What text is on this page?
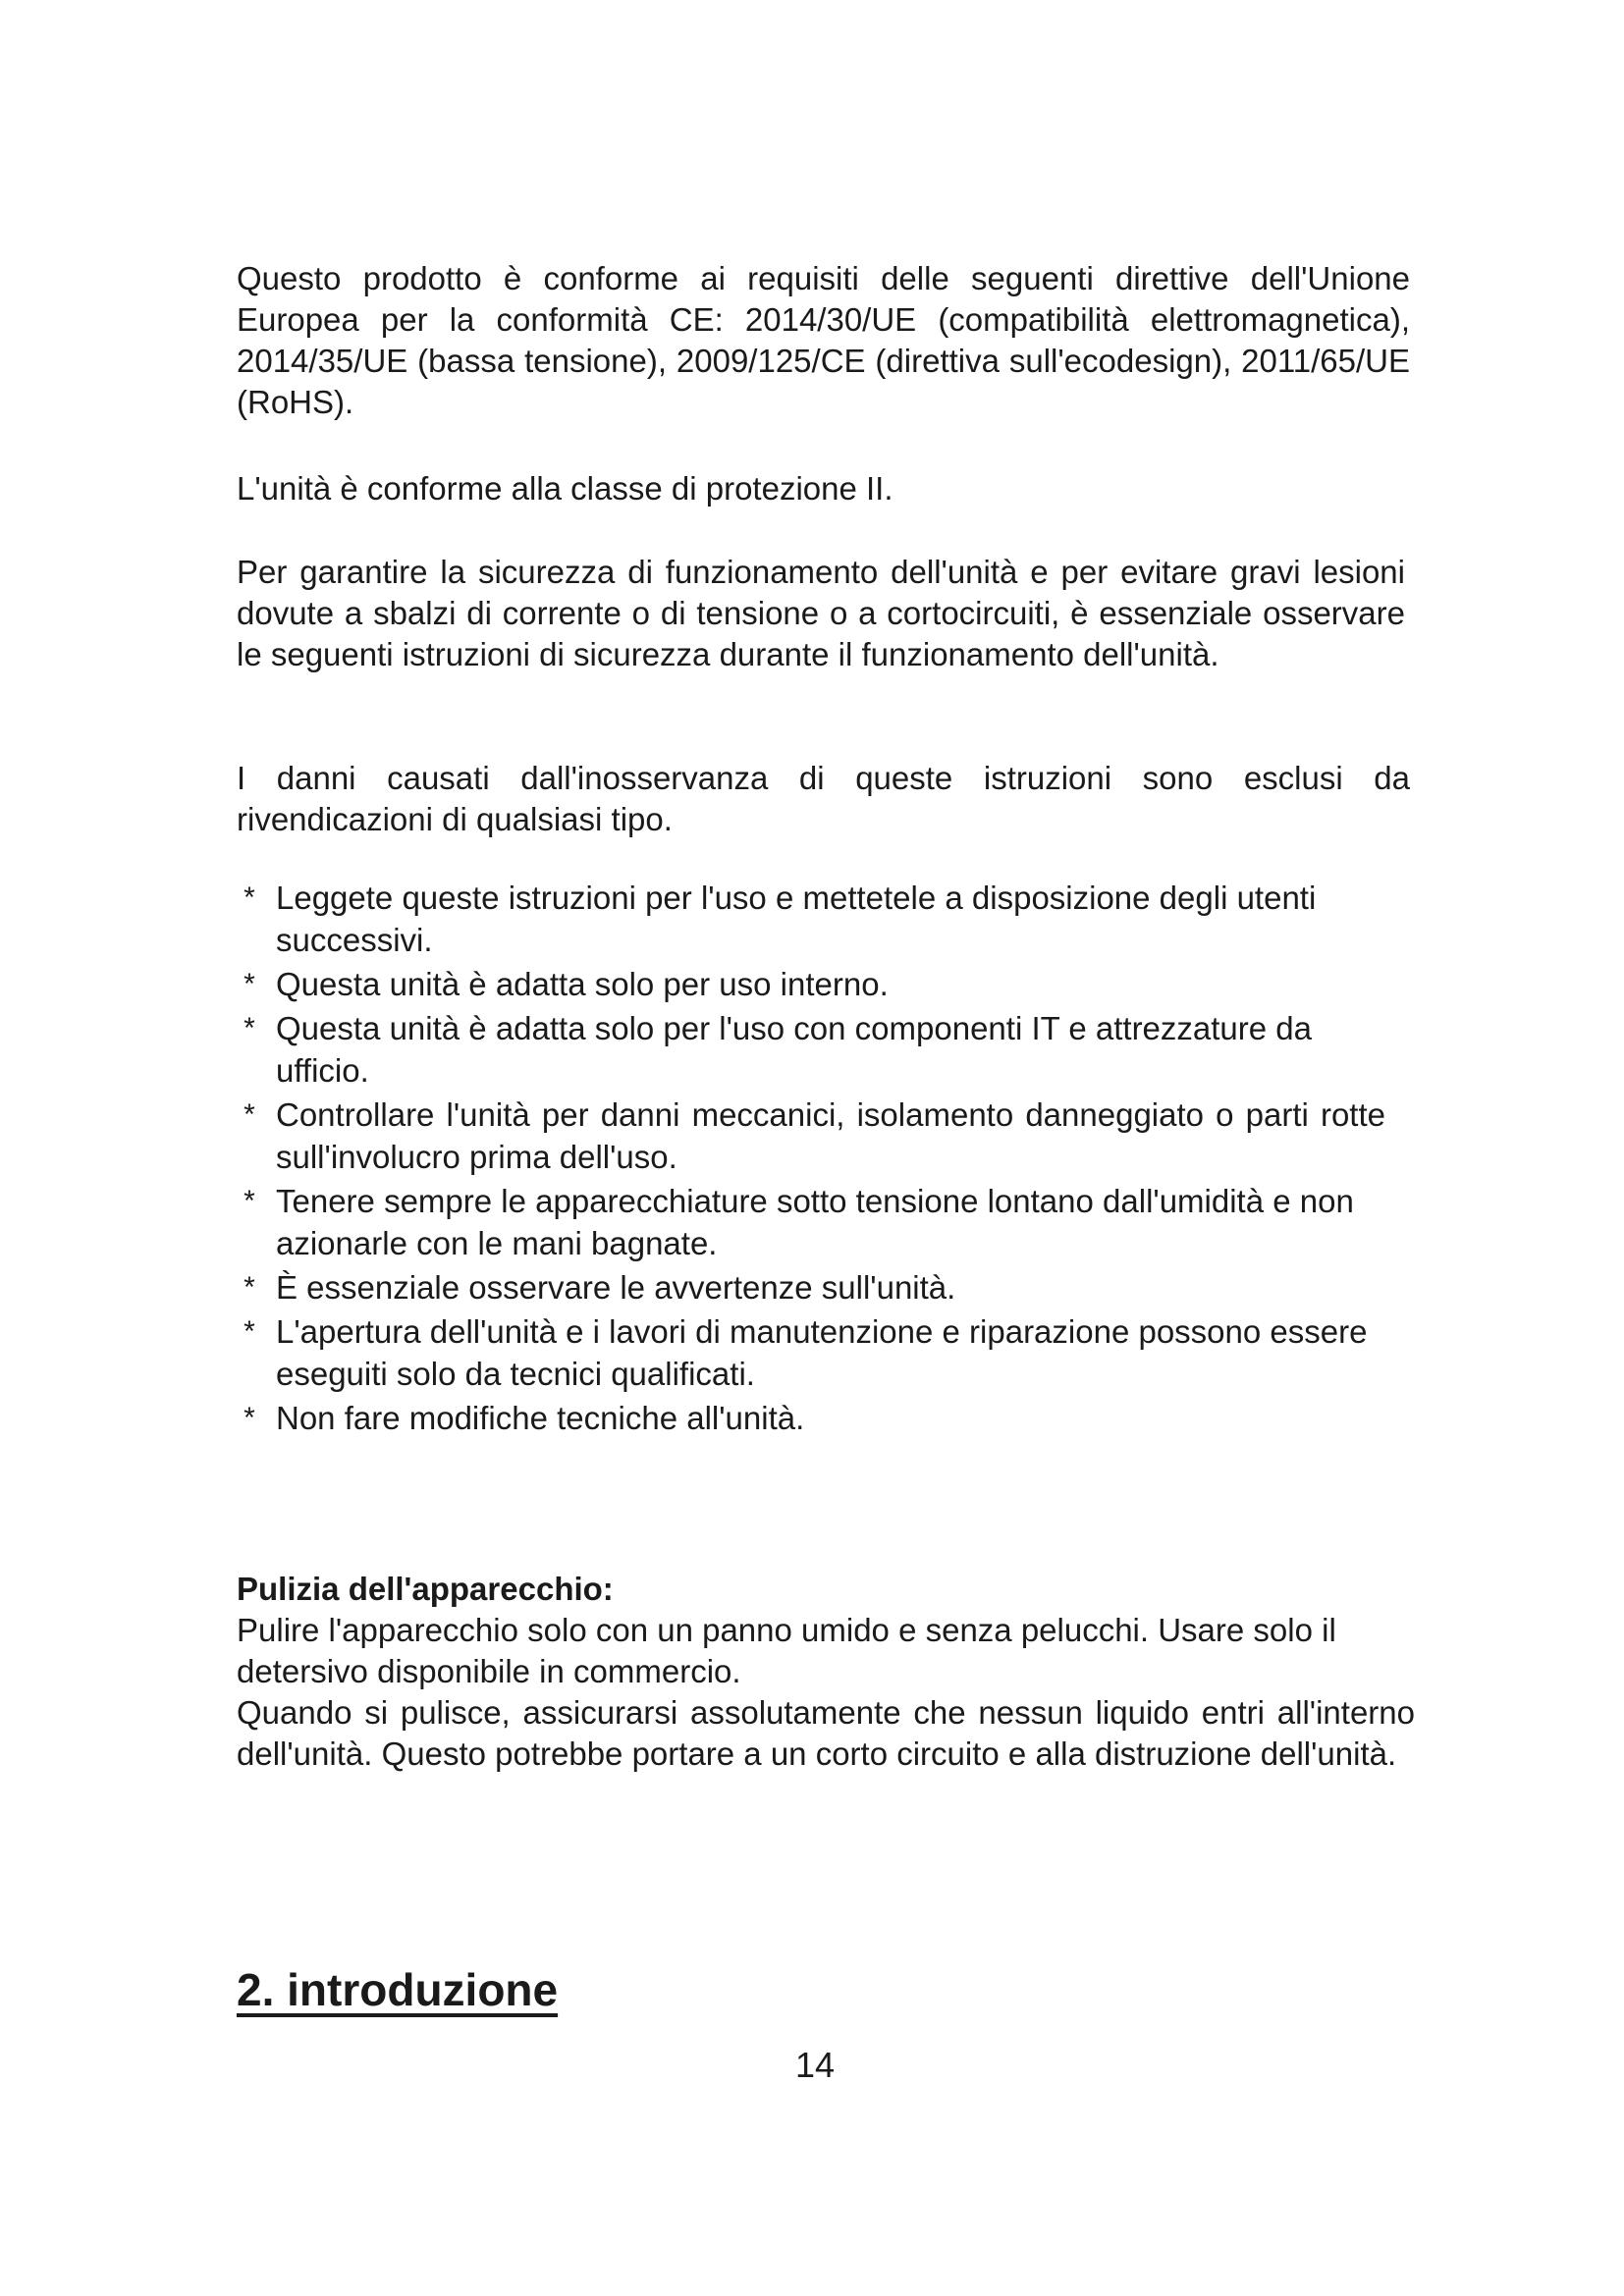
Questo prodotto è conforme ai requisiti delle seguenti direttive dell'Unione Europea per la conformità CE: 2014/30/UE (compatibilità elettromagnetica), 2014/35/UE (bassa tensione), 2009/125/CE (direttiva sull'ecodesign), 2011/65/UE (RoHS).

L'unità è conforme alla classe di protezione II.

Per garantire la sicurezza di funzionamento dell'unità e per evitare gravi lesioni dovute a sbalzi di corrente o di tensione o a cortocircuiti, è essenziale osservare le seguenti istruzioni di sicurezza durante il funzionamento dell'unità.

I danni causati dall'inosservanza di queste istruzioni sono esclusi da rivendicazioni di qualsiasi tipo.

* Leggete queste istruzioni per l'uso e mettetele a disposizione degli utenti successivi.
* Questa unità è adatta solo per uso interno.
* Questa unità è adatta solo per l'uso con componenti IT e attrezzature da ufficio.
* Controllare l'unità per danni meccanici, isolamento danneggiato o parti rotte sull'involucro prima dell'uso.
* Tenere sempre le apparecchiature sotto tensione lontano dall'umidità e non azionarle con le mani bagnate.
* È essenziale osservare le avvertenze sull'unità.
* L'apertura dell'unità e i lavori di manutenzione e riparazione possono essere eseguiti solo da tecnici qualificati.
* Non fare modifiche tecniche all'unità.

Pulizia dell'apparecchio:

Pulire l'apparecchio solo con un panno umido e senza pelucchi. Usare solo il detersivo disponibile in commercio.

Quando si pulisce, assicurarsi assolutamente che nessun liquido entri all'interno dell'unità. Questo potrebbe portare a un corto circuito e alla distruzione dell'unità.

2. introduzione
14
